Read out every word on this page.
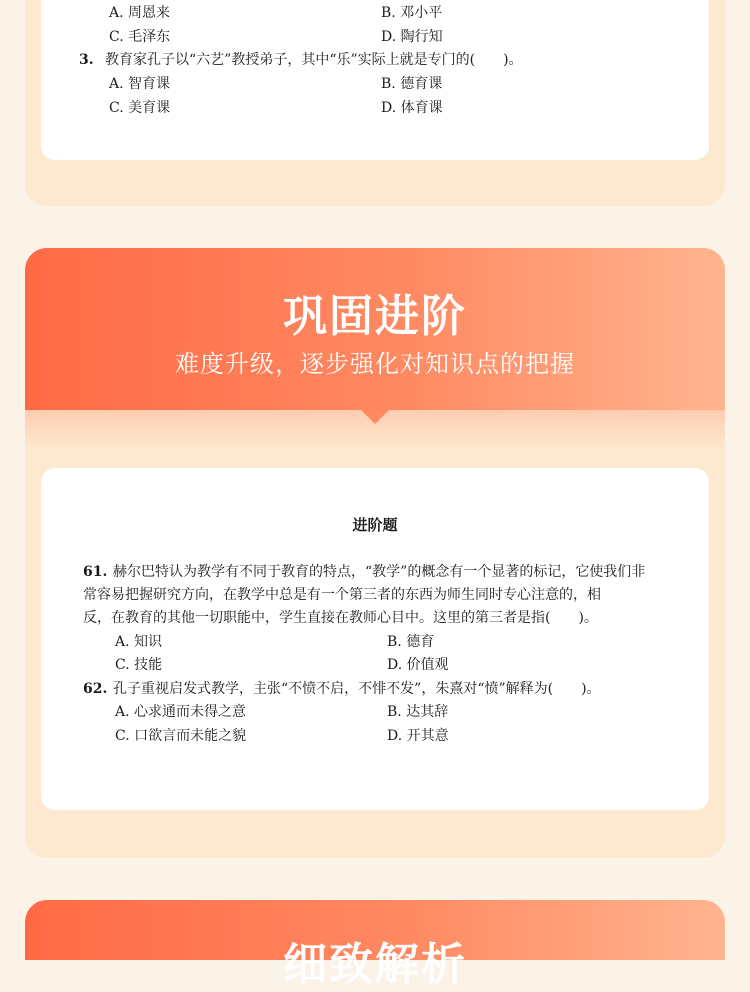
A. 周恩来	B. 邓小平
C. 毛泽东	D. 陶行知
3. 教育家孔子以“六艺”教授弟子，其中“乐”实际上就是专门的(　　)。
A. 智育课	B. 德育课
C. 美育课	D. 体育课
巩固进阶
难度升级，逐步强化对知识点的把握
进阶题
61. 赫尔巴特认为教学有不同于教育的特点，“教学”的概念有一个显著的标记，它使我们非
常容易把握研究方向，在教学中总是有一个第三者的东西为师生同时专心注意的，相
反，在教育的其他一切职能中，学生直接在教师心目中。这里的第三者是指(　　)。
A. 知识	B. 德育
C. 技能	D. 价值观
62. 孔子重视启发式教学，主张“不愤不启，不悱不发”，朱熹对“愤”解释为(　　)。
A. 心求通而未得之意	B. 达其辞
C. 口欲言而未能之貌	D. 开其意
细致解析
